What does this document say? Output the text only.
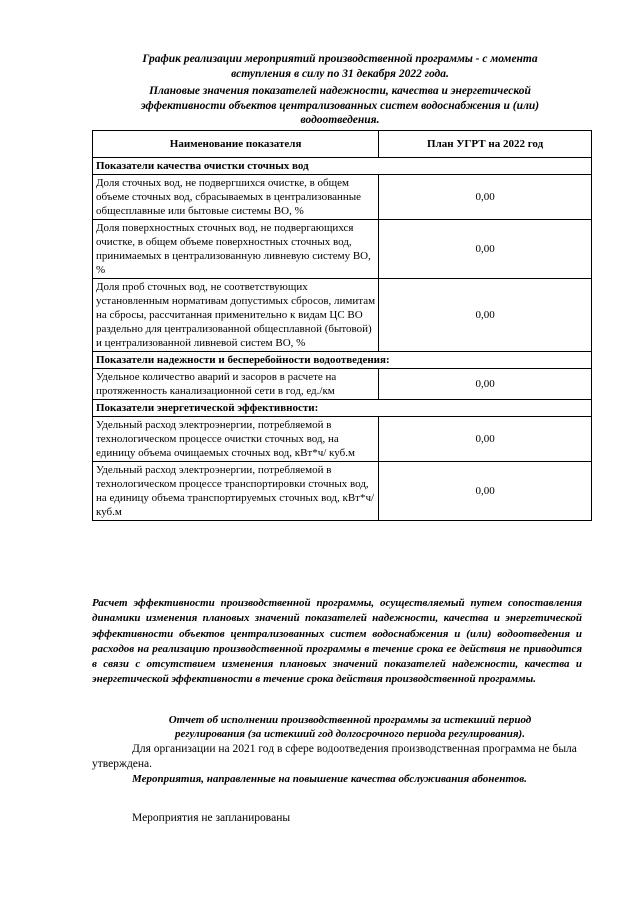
График реализации мероприятий производственной программы - с момента

вступления в силу по 31 декабря 2022 года.

Плановые значения показателей надежности, качества и энергетической

эффективности объектов централизованных систем водоснабжения и (или)

водоотведения.

Наименование показателя	План УГРТ на 2022 год
Показатели качества очистки сточных вод	
Доля сточных вод, не подвергшихся очистке, в общем объеме сточных вод, сбрасываемых в централизованные общесплавные или бытовые системы ВО, %	0,00
Доля поверхностных сточных вод, не подвергающихся очистке, в общем объеме поверхностных сточных вод, принимаемых в централизованную ливневую систему ВО, %	0,00
Доля проб сточных вод, не соответствующих установленным нормативам допустимых сбросов, лимитам на сбросы, рассчитанная применительно к видам ЦС ВО раздельно для централизованной общесплавной (бытовой) и централизованной ливневой систем ВО, %	0,00
Показатели надежности и бесперебойности водоотведения:	
Удельное количество аварий и засоров в расчете на протяженность канализационной сети в год, ед./км	0,00
Показатели энергетической эффективности:	
Удельный расход электроэнергии, потребляемой в технологическом процессе очистки сточных вод, на единицу объема очищаемых сточных вод, кВт*ч/ куб.м	0,00
Удельный расход электроэнергии, потребляемой в технологическом процессе транспортировки сточных вод, на единицу объема транспортируемых сточных вод, кВт*ч/ куб.м	0,00

Расчет эффективности производственной программы, осуществляемый путем сопоставления динамики изменения плановых значений показателей надежности, качества и энергетической эффективности объектов централизованных систем водоснабжения и (или) водоотведения и расходов на реализацию производственной программы в течение срока ее действия не приводится в связи с отсутствием изменения плановых значений показателей надежности, качества и энергетической эффективности в течение срока действия производственной программы.

Отчет об исполнении производственной программы за истекший период

регулирования (за истекший год долгосрочного периода регулирования).

Для организации на 2021 год в сфере водоотведения производственная программа не была утверждена.

Мероприятия, направленные на повышение качества обслуживания абонентов.

Мероприятия не запланированы
